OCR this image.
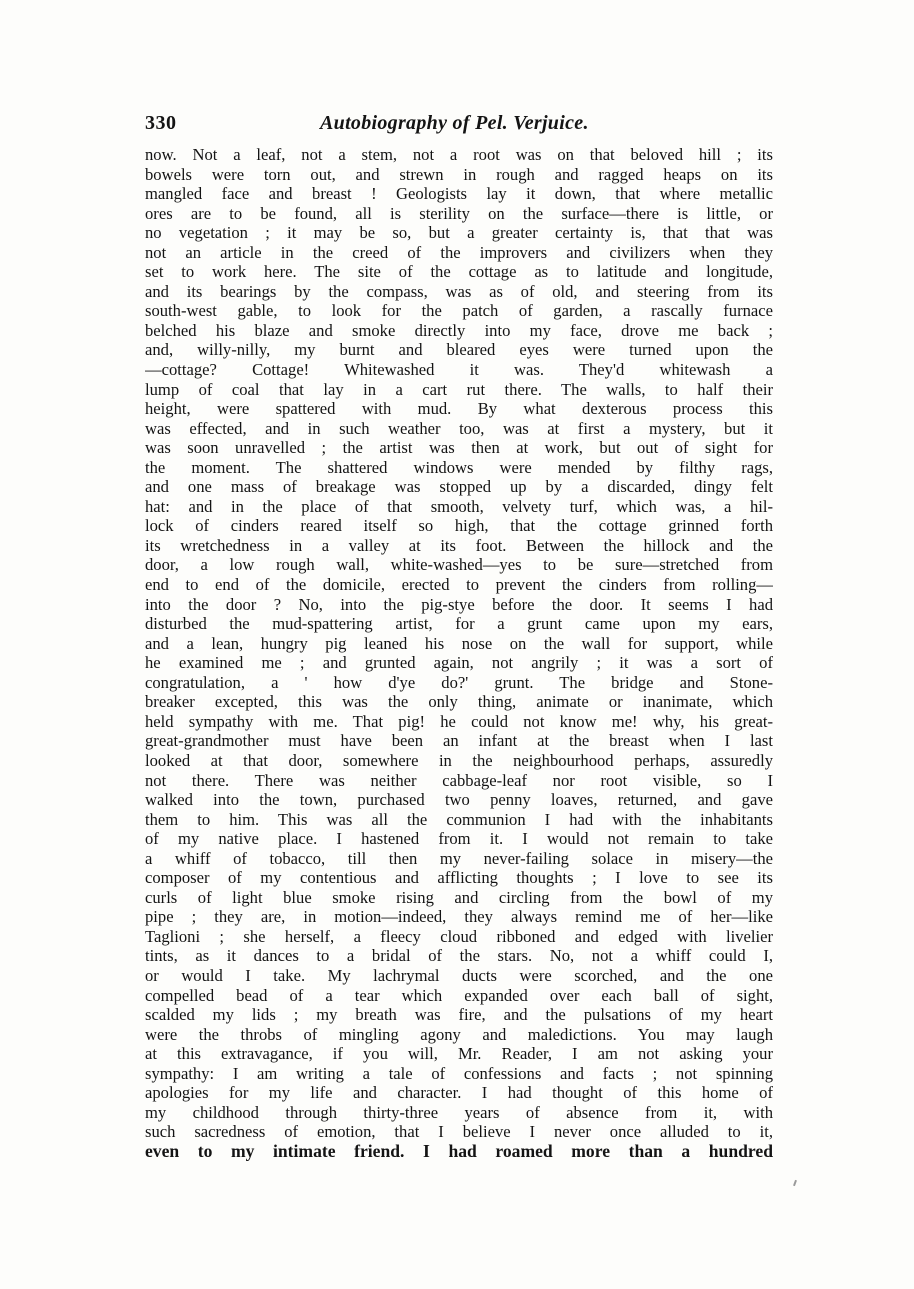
330	Autobiography of Pel. Verjuice.
now. Not a leaf, not a stem, not a root was on that beloved hill ; its
bowels were torn out, and strewn in rough and ragged heaps on its
mangled face and breast ! Geologists lay it down, that where metallic
ores are to be found, all is sterility on the surface—there is little, or
no vegetation ; it may be so, but a greater certainty is, that that was
not an article in the creed of the improvers and civilizers when they
set to work here. The site of the cottage as to latitude and longitude,
and its bearings by the compass, was as of old, and steering from its
south-west gable, to look for the patch of garden, a rascally furnace
belched his blaze and smoke directly into my face, drove me back ;
and, willy-nilly, my burnt and bleared eyes were turned upon the
—cottage? Cottage! Whitewashed it was. They'd whitewash a
lump of coal that lay in a cart rut there. The walls, to half their
height, were spattered with mud. By what dexterous process this
was effected, and in such weather too, was at first a mystery, but it
was soon unravelled ; the artist was then at work, but out of sight for
the moment. The shattered windows were mended by filthy rags,
and one mass of breakage was stopped up by a discarded, dingy felt
hat: and in the place of that smooth, velvety turf, which was, a hil-
lock of cinders reared itself so high, that the cottage grinned forth
its wretchedness in a valley at its foot. Between the hillock and the
door, a low rough wall, white-washed—yes to be sure—stretched from
end to end of the domicile, erected to prevent the cinders from rolling—
into the door ? No, into the pig-stye before the door. It seems I had
disturbed the mud-spattering artist, for a grunt came upon my ears,
and a lean, hungry pig leaned his nose on the wall for support, while
he examined me ; and grunted again, not angrily ; it was a sort of
congratulation, a ' how d'ye do?' grunt. The bridge and Stone-
breaker excepted, this was the only thing, animate or inanimate, which
held sympathy with me. That pig! he could not know me! why, his great-
great-grandmother must have been an infant at the breast when I last
looked at that door, somewhere in the neighbourhood perhaps, assuredly
not there. There was neither cabbage-leaf nor root visible, so I
walked into the town, purchased two penny loaves, returned, and gave
them to him. This was all the communion I had with the inhabitants
of my native place. I hastened from it. I would not remain to take
a whiff of tobacco, till then my never-failing solace in misery—the
composer of my contentious and afflicting thoughts ; I love to see its
curls of light blue smoke rising and circling from the bowl of my
pipe ; they are, in motion—indeed, they always remind me of her—like
Taglioni ; she herself, a fleecy cloud ribboned and edged with livelier
tints, as it dances to a bridal of the stars. No, not a whiff could I,
or would I take. My lachrymal ducts were scorched, and the one
compelled bead of a tear which expanded over each ball of sight,
scalded my lids ; my breath was fire, and the pulsations of my heart
were the throbs of mingling agony and maledictions. You may laugh
at this extravagance, if you will, Mr. Reader, I am not asking your
sympathy: I am writing a tale of confessions and facts ; not spinning
apologies for my life and character. I had thought of this home of
my childhood through thirty-three years of absence from it, with
such sacredness of emotion, that I believe I never once alluded to it,
even to my intimate friend. I had roamed more than a hundred
